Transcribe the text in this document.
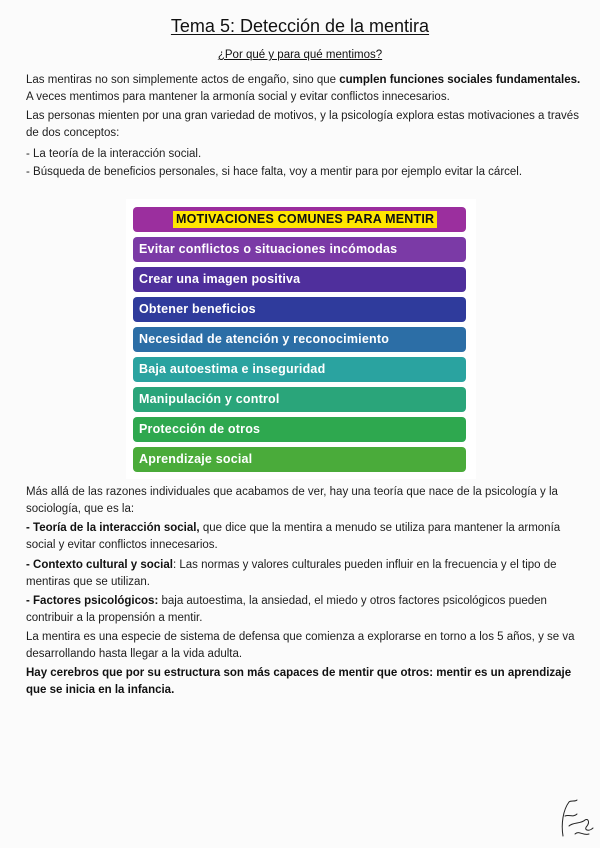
Tema 5: Detección de la mentira
¿Por qué y para qué mentimos?

Las mentiras no son simplemente actos de engaño, sino que cumplen funciones sociales fundamentales. A veces mentimos para mantener la armonía social y evitar conflictos innecesarios.

Las personas mienten por una gran variedad de motivos, y la psicología explora estas motivaciones a través de dos conceptos:

- La teoría de la interacción social.

- Búsqueda de beneficios personales, si hace falta, voy a mentir para por ejemplo evitar la cárcel.

MOTIVACIONES COMUNES PARA MENTIR
Evitar conflictos o situaciones incómodas
Crear una imagen positiva
Obtener beneficios
Necesidad de atención y reconocimiento
Baja autoestima e inseguridad
Manipulación y control
Protección de otros
Aprendizaje social

Más allá de las razones individuales que acabamos de ver, hay una teoría que nace de la psicología y la sociología, que es la:

- Teoría de la interacción social, que dice que la mentira a menudo se utiliza para mantener la armonía social y evitar conflictos innecesarios.

- Contexto cultural y social: Las normas y valores culturales pueden influir en la frecuencia y el tipo de mentiras que se utilizan.

- Factores psicológicos: baja autoestima, la ansiedad, el miedo y otros factores psicológicos pueden contribuir a la propensión a mentir.

La mentira es una especie de sistema de defensa que comienza a explorarse en torno a los 5 años, y se va desarrollando hasta llegar a la vida adulta.

Hay cerebros que por su estructura son más capaces de mentir que otros: mentir es un aprendizaje que se inicia en la infancia.
